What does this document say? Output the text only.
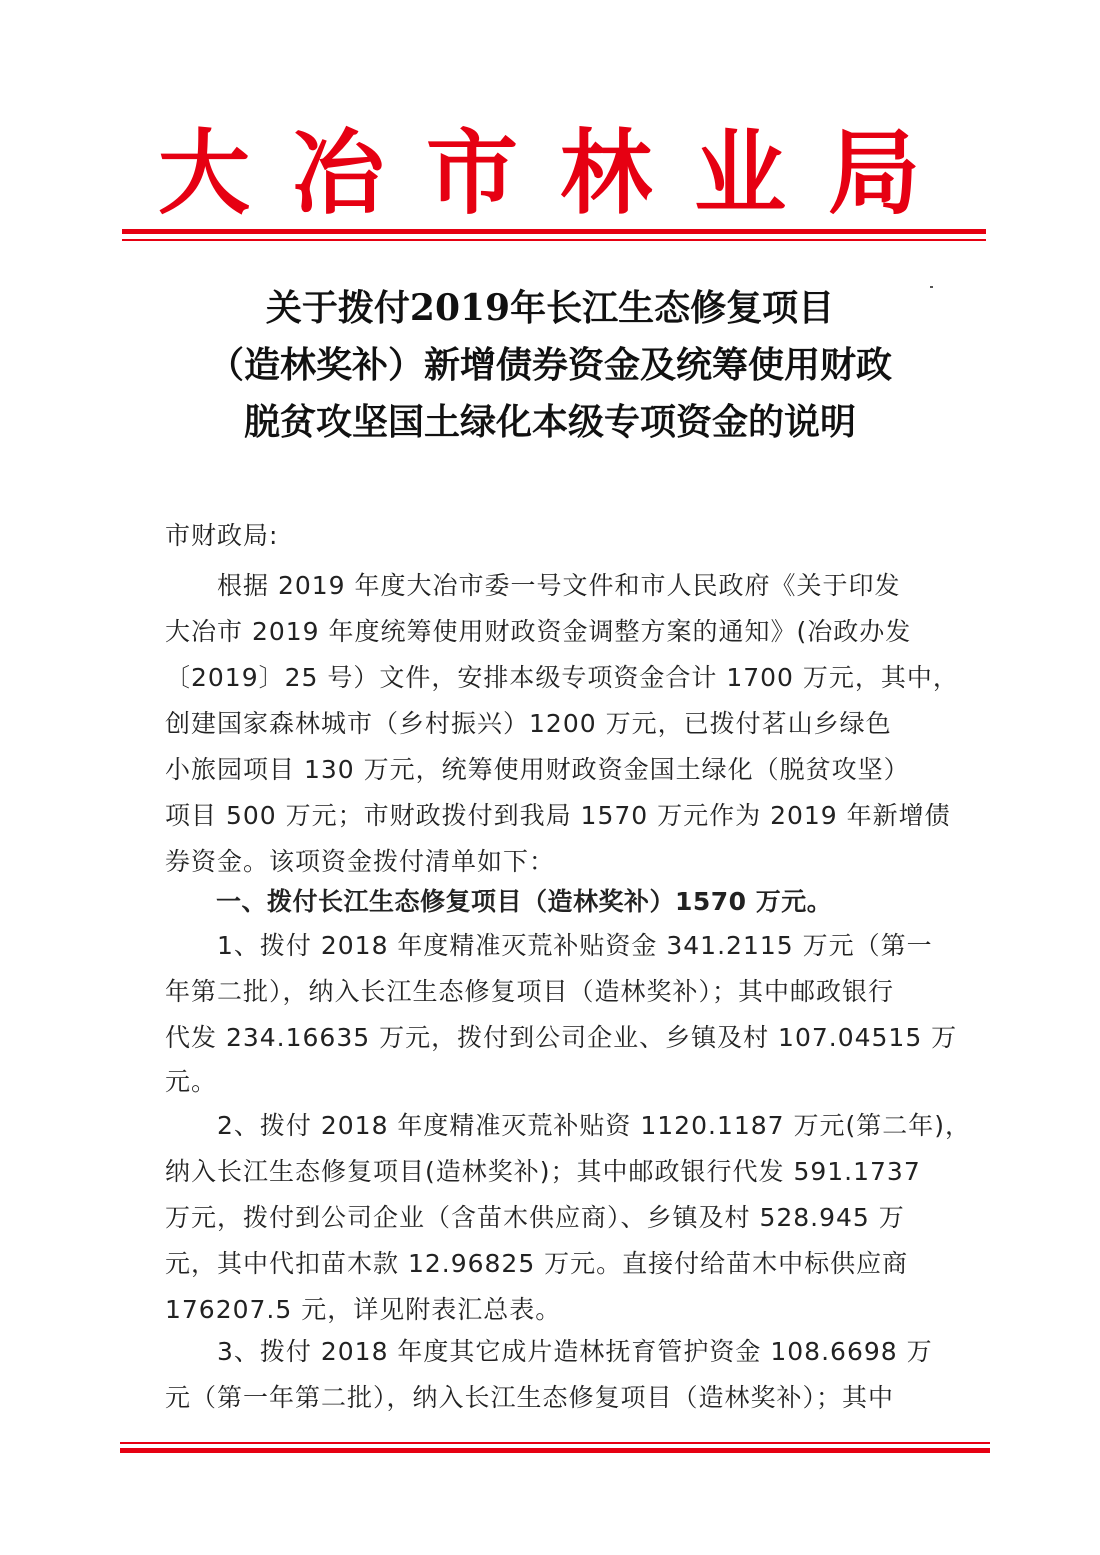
大冶市林业局
关于拨付2019年长江生态修复项目
（造林奖补）新增债券资金及统筹使用财政
脱贫攻坚国土绿化本级专项资金的说明
市财政局:
　　根据 2019 年度大冶市委一号文件和市人民政府《关于印发
大冶市 2019 年度统筹使用财政资金调整方案的通知》(冶政办发
〔2019〕25 号）文件，安排本级专项资金合计 1700 万元，其中，
创建国家森林城市（乡村振兴）1200 万元，已拨付茗山乡绿色
小旅园项目 130 万元，统筹使用财政资金国土绿化（脱贫攻坚）
项目 500 万元；市财政拨付到我局 1570 万元作为 2019 年新增债
券资金。该项资金拨付清单如下：
　　一、拨付长江生态修复项目（造林奖补）1570 万元。
　　1、拨付 2018 年度精准灭荒补贴资金 341.2115 万元（第一
年第二批），纳入长江生态修复项目（造林奖补）；其中邮政银行
代发 234.16635 万元，拨付到公司企业、乡镇及村 107.04515 万
元。
　　2、拨付 2018 年度精准灭荒补贴资 1120.1187 万元(第二年)，
纳入长江生态修复项目(造林奖补)；其中邮政银行代发 591.1737
万元，拨付到公司企业（含苗木供应商）、乡镇及村 528.945 万
元，其中代扣苗木款 12.96825 万元。直接付给苗木中标供应商
176207.5 元，详见附表汇总表。
　　3、拨付 2018 年度其它成片造林抚育管护资金 108.6698 万
元（第一年第二批），纳入长江生态修复项目（造林奖补）；其中
